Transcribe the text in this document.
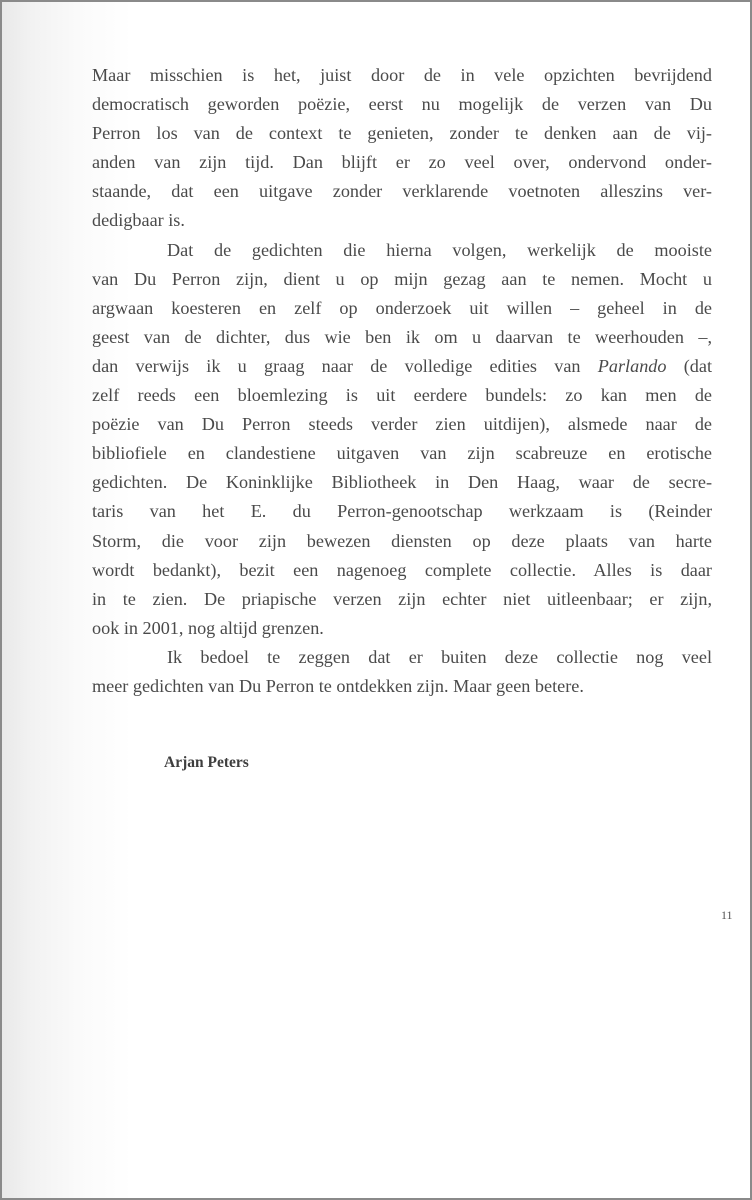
Maar misschien is het, juist door de in vele opzichten bevrijdend
democratisch geworden poëzie, eerst nu mogelijk de verzen van Du
Perron los van de context te genieten, zonder te denken aan de vij-
anden van zijn tijd. Dan blijft er zo veel over, ondervond onder-
staande, dat een uitgave zonder verklarende voetnoten alleszins ver-
dedigbaar is.
Dat de gedichten die hierna volgen, werkelijk de mooiste
van Du Perron zijn, dient u op mijn gezag aan te nemen. Mocht u
argwaan koesteren en zelf op onderzoek uit willen – geheel in de
geest van de dichter, dus wie ben ik om u daarvan te weerhouden –,
dan verwijs ik u graag naar de volledige edities van Parlando (dat
zelf reeds een bloemlezing is uit eerdere bundels: zo kan men de
poëzie van Du Perron steeds verder zien uitdijen), alsmede naar de
bibliofiele en clandestiene uitgaven van zijn scabreuze en erotische
gedichten. De Koninklijke Bibliotheek in Den Haag, waar de secre-
taris van het E. du Perron-genootschap werkzaam is (Reinder
Storm, die voor zijn bewezen diensten op deze plaats van harte
wordt bedankt), bezit een nagenoeg complete collectie. Alles is daar
in te zien. De priapische verzen zijn echter niet uitleenbaar; er zijn,
ook in 2001, nog altijd grenzen.
Ik bedoel te zeggen dat er buiten deze collectie nog veel
meer gedichten van Du Perron te ontdekken zijn. Maar geen betere.
Arjan Peters
11
